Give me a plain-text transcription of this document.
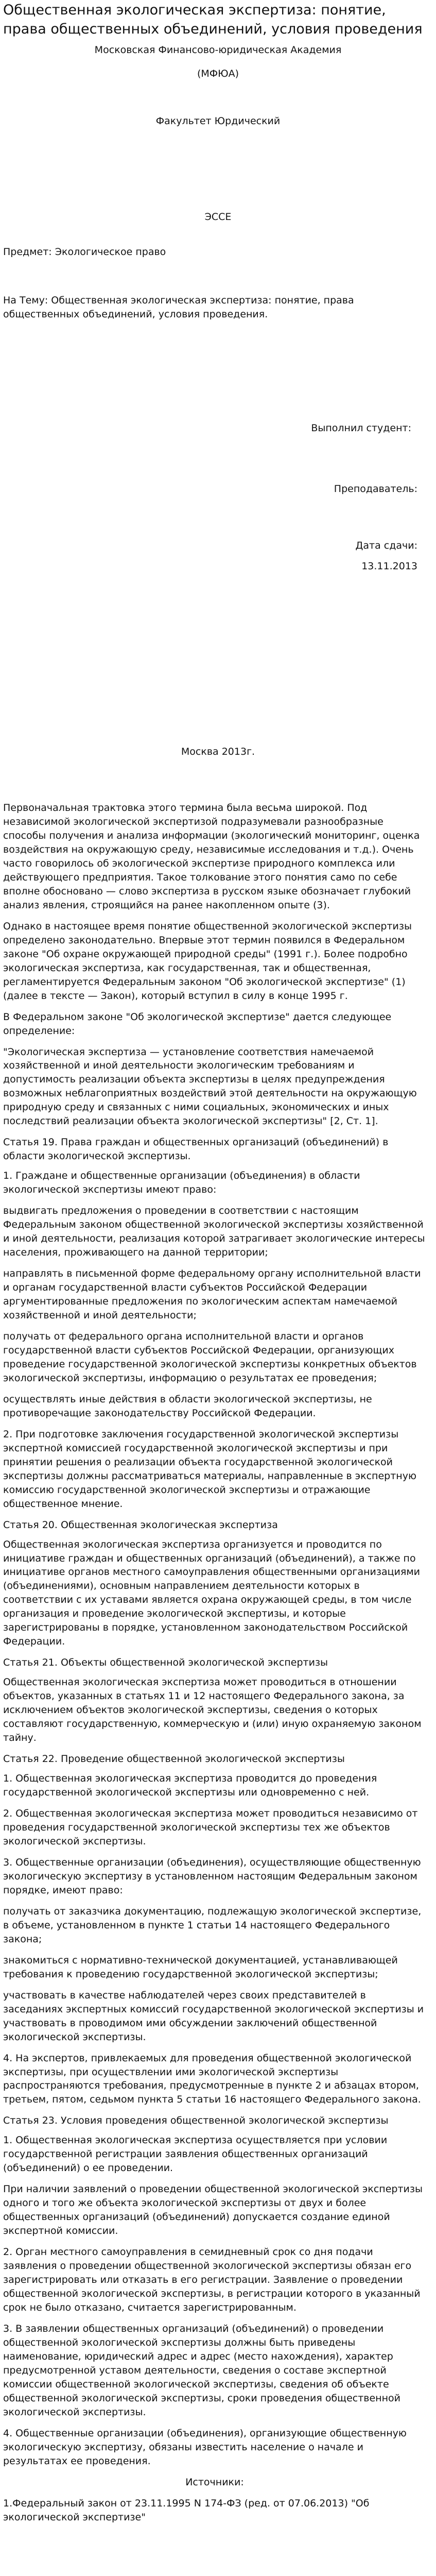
Общественная экологическая экспертиза: понятие, права общественных объединений, условия проведения

Московская Финансово-юридическая Академия

(МФЮА)

Факультет Юрдический

ЭССЕ

Предмет: Экологическое право

На Тему: Общественная экологическая экспертиза: понятие, права общественных объединений, условия проведения.

Выполнил студент:

Преподаватель:

Дата сдачи:

13.11.2013

Москва 2013г.

Первоначальная трактовка этого термина была весьма широкой. Под независимой экологической экспертизой подразумевали разнообразные способы получения и анализа информации (экологический мониторинг, оценка воздействия на окружающую среду, независимые исследования и т.д.). Очень часто говорилось об экологической экспертизе природного комплекса или действующего предприятия. Такое толкование этого понятия само по себе вполне обосновано — слово экспертиза в русском языке обозначает глубокий анализ явления, строящийся на ранее накопленном опыте (3).

Однако в настоящее время понятие общественной экологической экспертизы определено законодательно. Впервые этот термин появился в Федеральном законе "Об охране окружающей природной среды" (1991 г.). Более подробно экологическая экспертиза, как государственная, так и общественная, регламентируется Федеральным законом "Об экологической экспертизе" (1) (далее в тексте — Закон), который вступил в силу в конце 1995 г.

В Федеральном законе "Об экологической экспертизе" дается следующее определение:

"Экологическая экспертиза — установление соответствия намечаемой хозяйственной и иной деятельности экологическим требованиям и допустимость реализации объекта экспертизы в целях предупреждения возможных неблагоприятных воздействий этой деятельности на окружающую природную среду и связанных с ними социальных, экономических и иных последствий реализации объекта экологической экспертизы" [2, Ст. 1].

Статья 19. Права граждан и общественных организаций (объединений) в области экологической экспертизы.

1. Граждане и общественные организации (объединения) в области экологической экспертизы имеют право:

выдвигать предложения о проведении в соответствии с настоящим Федеральным законом общественной экологической экспертизы хозяйственной и иной деятельности, реализация которой затрагивает экологические интересы населения, проживающего на данной территории;

направлять в письменной форме федеральному органу исполнительной власти и органам государственной власти субъектов Российской Федерации аргументированные предложения по экологическим аспектам намечаемой хозяйственной и иной деятельности;

получать от федерального органа исполнительной власти и органов государственной власти субъектов Российской Федерации, организующих проведение государственной экологической экспертизы конкретных объектов экологической экспертизы, информацию о результатах ее проведения;

осуществлять иные действия в области экологической экспертизы, не противоречащие законодательству Российской Федерации.

2. При подготовке заключения государственной экологической экспертизы экспертной комиссией государственной экологической экспертизы и при принятии решения о реализации объекта государственной экологической экспертизы должны рассматриваться материалы, направленные в экспертную комиссию государственной экологической экспертизы и отражающие общественное мнение.

Статья 20. Общественная экологическая экспертиза

Общественная экологическая экспертиза организуется и проводится по инициативе граждан и общественных организаций (объединений), а также по инициативе органов местного самоуправления общественными организациями (объединениями), основным направлением деятельности которых в соответствии с их уставами является охрана окружающей среды, в том числе организация и проведение экологической экспертизы, и которые зарегистрированы в порядке, установленном законодательством Российской Федерации.

Статья 21. Объекты общественной экологической экспертизы

Общественная экологическая экспертиза может проводиться в отношении объектов, указанных в статьях 11 и 12 настоящего Федерального закона, за исключением объектов экологической экспертизы, сведения о которых составляют государственную, коммерческую и (или) иную охраняемую законом тайну.

Статья 22. Проведение общественной экологической экспертизы

1. Общественная экологическая экспертиза проводится до проведения государственной экологической экспертизы или одновременно с ней.

2. Общественная экологическая экспертиза может проводиться независимо от проведения государственной экологической экспертизы тех же объектов экологической экспертизы.

3. Общественные организации (объединения), осуществляющие общественную экологическую экспертизу в установленном настоящим Федеральным законом порядке, имеют право:

получать от заказчика документацию, подлежащую экологической экспертизе, в объеме, установленном в пункте 1 статьи 14 настоящего Федерального закона;

знакомиться с нормативно-технической документацией, устанавливающей требования к проведению государственной экологической экспертизы;

участвовать в качестве наблюдателей через своих представителей в заседаниях экспертных комиссий государственной экологической экспертизы и участвовать в проводимом ими обсуждении заключений общественной экологической экспертизы.

4. На экспертов, привлекаемых для проведения общественной экологической экспертизы, при осуществлении ими экологической экспертизы распространяются требования, предусмотренные в пункте 2 и абзацах втором, третьем, пятом, седьмом пункта 5 статьи 16 настоящего Федерального закона.

Статья 23. Условия проведения общественной экологической экспертизы

1. Общественная экологическая экспертиза осуществляется при условии государственной регистрации заявления общественных организаций (объединений) о ее проведении.

При наличии заявлений о проведении общественной экологической экспертизы одного и того же объекта экологической экспертизы от двух и более общественных организаций (объединений) допускается создание единой экспертной комиссии.

2. Орган местного самоуправления в семидневный срок со дня подачи заявления о проведении общественной экологической экспертизы обязан его зарегистрировать или отказать в его регистрации. Заявление о проведении общественной экологической экспертизы, в регистрации которого в указанный срок не было отказано, считается зарегистрированным.

3. В заявлении общественных организаций (объединений) о проведении общественной экологической экспертизы должны быть приведены наименование, юридический адрес и адрес (место нахождения), характер предусмотренной уставом деятельности, сведения о составе экспертной комиссии общественной экологической экспертизы, сведения об объекте общественной экологической экспертизы, сроки проведения общественной экологической экспертизы.

4. Общественные организации (объединения), организующие общественную экологическую экспертизу, обязаны известить население о начале и результатах ее проведения.

Источники:

1.Федеральный закон от 23.11.1995 N 174-ФЗ (ред. от 07.06.2013) "Об экологической экспертизе"
